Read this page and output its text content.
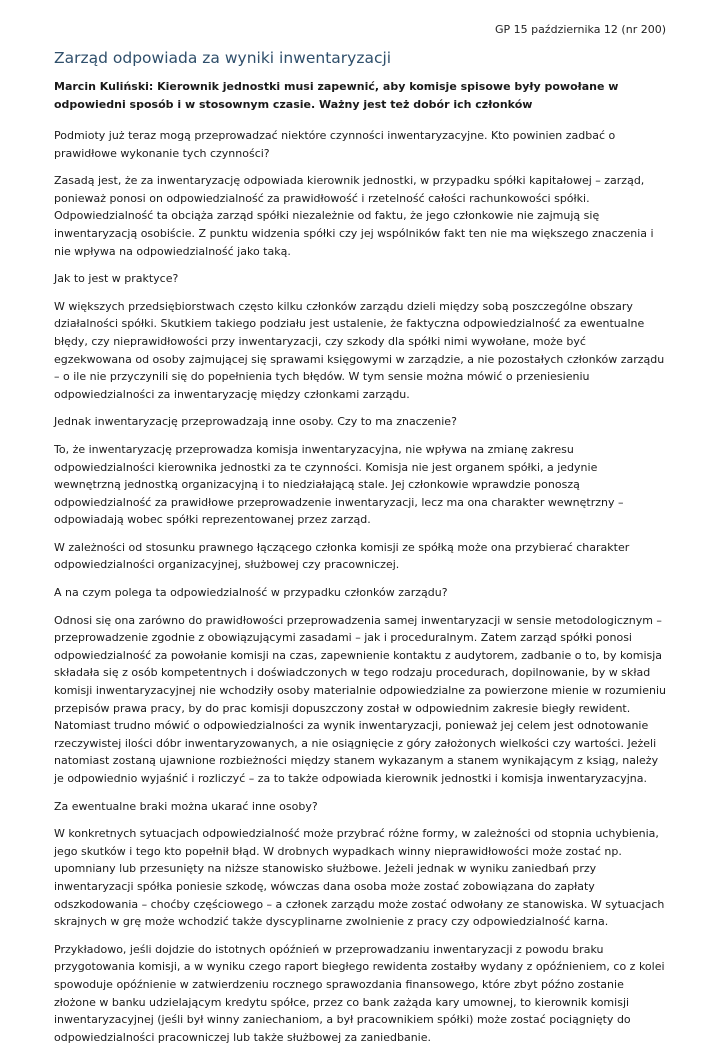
GP 15 października 12 (nr 200)
Zarząd odpowiada za wyniki inwentaryzacji

Marcin Kuliński: Kierownik jednostki musi zapewnić, aby komisje spisowe były powołane w odpowiedni sposób i w stosownym czasie. Ważny jest też dobór ich członków

Podmioty już teraz mogą przeprowadzać niektóre czynności inwentaryzacyjne. Kto powinien zadbać o prawidłowe wykonanie tych czynności?

Zasadą jest, że za inwentaryzację odpowiada kierownik jednostki, w przypadku spółki kapitałowej – zarząd, ponieważ ponosi on odpowiedzialność za prawidłowość i rzetelność całości rachunkowości spółki. Odpowiedzialność ta obciąża zarząd spółki niezależnie od faktu, że jego członkowie nie zajmują się inwentaryzacją osobiście. Z punktu widzenia spółki czy jej wspólników fakt ten nie ma większego znaczenia i nie wpływa na odpowiedzialność jako taką.

Jak to jest w praktyce?

W większych przedsiębiorstwach często kilku członków zarządu dzieli między sobą poszczególne obszary działalności spółki. Skutkiem takiego podziału jest ustalenie, że faktyczna odpowiedzialność za ewentualne błędy, czy nieprawidłowości przy inwentaryzacji, czy szkody dla spółki nimi wywołane, może być egzekwowana od osoby zajmującej się sprawami księgowymi w zarządzie, a nie pozostałych członków zarządu – o ile nie przyczynili się do popełnienia tych błędów. W tym sensie można mówić o przeniesieniu odpowiedzialności za inwentaryzację między członkami zarządu.

Jednak inwentaryzację przeprowadzają inne osoby. Czy to ma znaczenie?

To, że inwentaryzację przeprowadza komisja inwentaryzacyjna, nie wpływa na zmianę zakresu odpowiedzialności kierownika jednostki za te czynności. Komisja nie jest organem spółki, a jedynie wewnętrzną jednostką organizacyjną i to niedziałającą stale. Jej członkowie wprawdzie ponoszą odpowiedzialność za prawidłowe przeprowadzenie inwentaryzacji, lecz ma ona charakter wewnętrzny – odpowiadają wobec spółki reprezentowanej przez zarząd.

W zależności od stosunku prawnego łączącego członka komisji ze spółką może ona przybierać charakter odpowiedzialności organizacyjnej, służbowej czy pracowniczej.

A na czym polega ta odpowiedzialność w przypadku członków zarządu?

Odnosi się ona zarówno do prawidłowości przeprowadzenia samej inwentaryzacji w sensie metodologicznym – przeprowadzenie zgodnie z obowiązującymi zasadami – jak i proceduralnym. Zatem zarząd spółki ponosi odpowiedzialność za powołanie komisji na czas, zapewnienie kontaktu z audytorem, zadbanie o to, by komisja składała się z osób kompetentnych i doświadczonych w tego rodzaju procedurach, dopilnowanie, by w skład komisji inwentaryzacyjnej nie wchodziły osoby materialnie odpowiedzialne za powierzone mienie w rozumieniu przepisów prawa pracy, by do prac komisji dopuszczony został w odpowiednim zakresie biegły rewident. Natomiast trudno mówić o odpowiedzialności za wynik inwentaryzacji, ponieważ jej celem jest odnotowanie rzeczywistej ilości dóbr inwentaryzowanych, a nie osiągnięcie z góry założonych wielkości czy wartości. Jeżeli natomiast zostaną ujawnione rozbieżności między stanem wykazanym a stanem wynikającym z ksiąg, należy je odpowiednio wyjaśnić i rozliczyć – za to także odpowiada kierownik jednostki i komisja inwentaryzacyjna.

Za ewentualne braki można ukarać inne osoby?

W konkretnych sytuacjach odpowiedzialność może przybrać różne formy, w zależności od stopnia uchybienia, jego skutków i tego kto popełnił błąd. W drobnych wypadkach winny nieprawidłowości może zostać np. upomniany lub przesunięty na niższe stanowisko służbowe. Jeżeli jednak w wyniku zaniedbań przy inwentaryzacji spółka poniesie szkodę, wówczas dana osoba może zostać zobowiązana do zapłaty odszkodowania – choćby częściowego – a członek zarządu może zostać odwołany ze stanowiska. W sytuacjach skrajnych w grę może wchodzić także dyscyplinarne zwolnienie z pracy czy odpowiedzialność karna.

Przykładowo, jeśli dojdzie do istotnych opóźnień w przeprowadzaniu inwentaryzacji z powodu braku przygotowania komisji, a w wyniku czego raport biegłego rewidenta zostałby wydany z opóźnieniem, co z kolei spowoduje opóźnienie w zatwierdzeniu rocznego sprawozdania finansowego, które zbyt późno zostanie złożone w banku udzielającym kredytu spółce, przez co bank zażąda kary umownej, to kierownik komisji inwentaryzacyjnej (jeśli był winny zaniechaniom, a był pracownikiem spółki) może zostać pociągnięty do odpowiedzialności pracowniczej lub także służbowej za zaniedbanie.
